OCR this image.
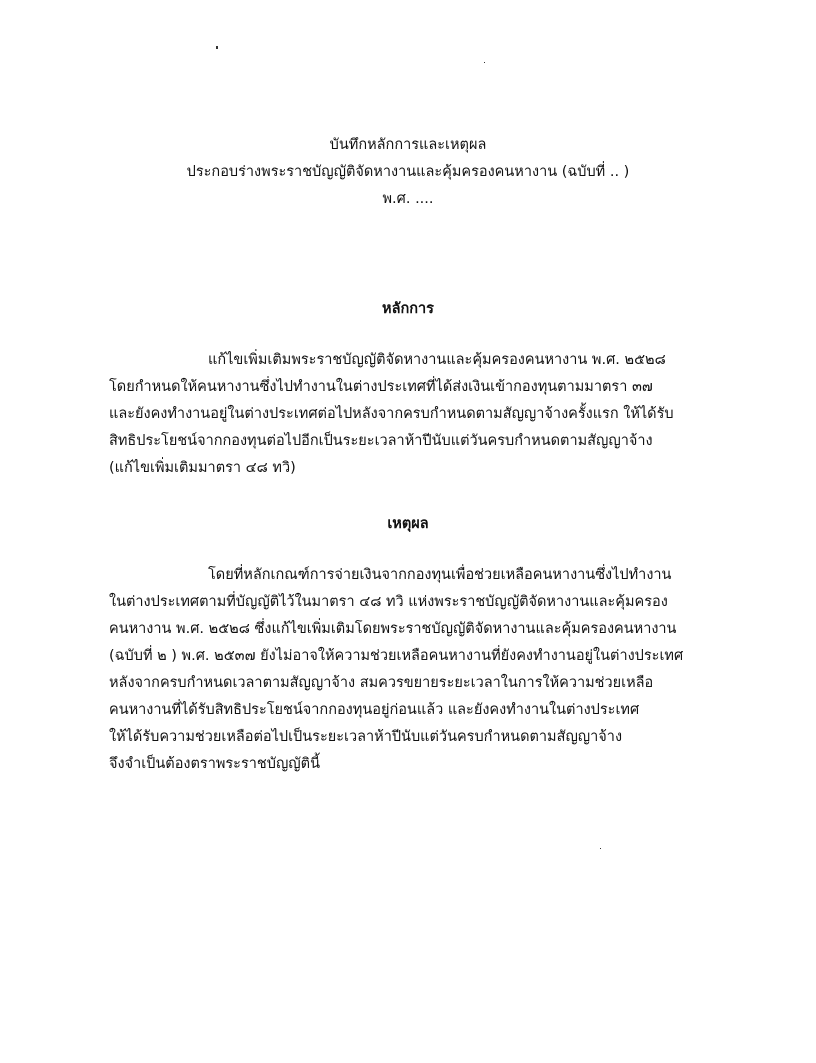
บันทึกหลักการและเหตุผล
ประกอบร่างพระราชบัญญัติจัดหางานและคุ้มครองคนหางาน (ฉบับที่ .. )
พ.ศ. ....
หลักการ
แก้ไขเพิ่มเติมพระราชบัญญัติจัดหางานและคุ้มครองคนหางาน พ.ศ. ๒๕๒๘
โดยกำหนดให้คนหางานซึ่งไปทำงานในต่างประเทศที่ได้ส่งเงินเข้ากองทุนตามมาตรา ๓๗
และยังคงทำงานอยู่ในต่างประเทศต่อไปหลังจากครบกำหนดตามสัญญาจ้างครั้งแรก ให้ได้รับ
สิทธิประโยชน์จากกองทุนต่อไปอีกเป็นระยะเวลาห้าปีนับแต่วันครบกำหนดตามสัญญาจ้าง
(แก้ไขเพิ่มเติมมาตรา ๔๘ ทวิ)
เหตุผล
โดยที่หลักเกณฑ์การจ่ายเงินจากกองทุนเพื่อช่วยเหลือคนหางานซึ่งไปทำงาน
ในต่างประเทศตามที่บัญญัติไว้ในมาตรา ๔๘ ทวิ แห่งพระราชบัญญัติจัดหางานและคุ้มครอง
คนหางาน พ.ศ. ๒๕๒๘ ซึ่งแก้ไขเพิ่มเติมโดยพระราชบัญญัติจัดหางานและคุ้มครองคนหางาน
(ฉบับที่ ๒ ) พ.ศ. ๒๕๓๗ ยังไม่อาจให้ความช่วยเหลือคนหางานที่ยังคงทำงานอยู่ในต่างประเทศ
หลังจากครบกำหนดเวลาตามสัญญาจ้าง สมควรขยายระยะเวลาในการให้ความช่วยเหลือ
คนหางานที่ได้รับสิทธิประโยชน์จากกองทุนอยู่ก่อนแล้ว และยังคงทำงานในต่างประเทศ
ให้ได้รับความช่วยเหลือต่อไปเป็นระยะเวลาห้าปีนับแต่วันครบกำหนดตามสัญญาจ้าง
จึงจำเป็นต้องตราพระราชบัญญัตินี้
